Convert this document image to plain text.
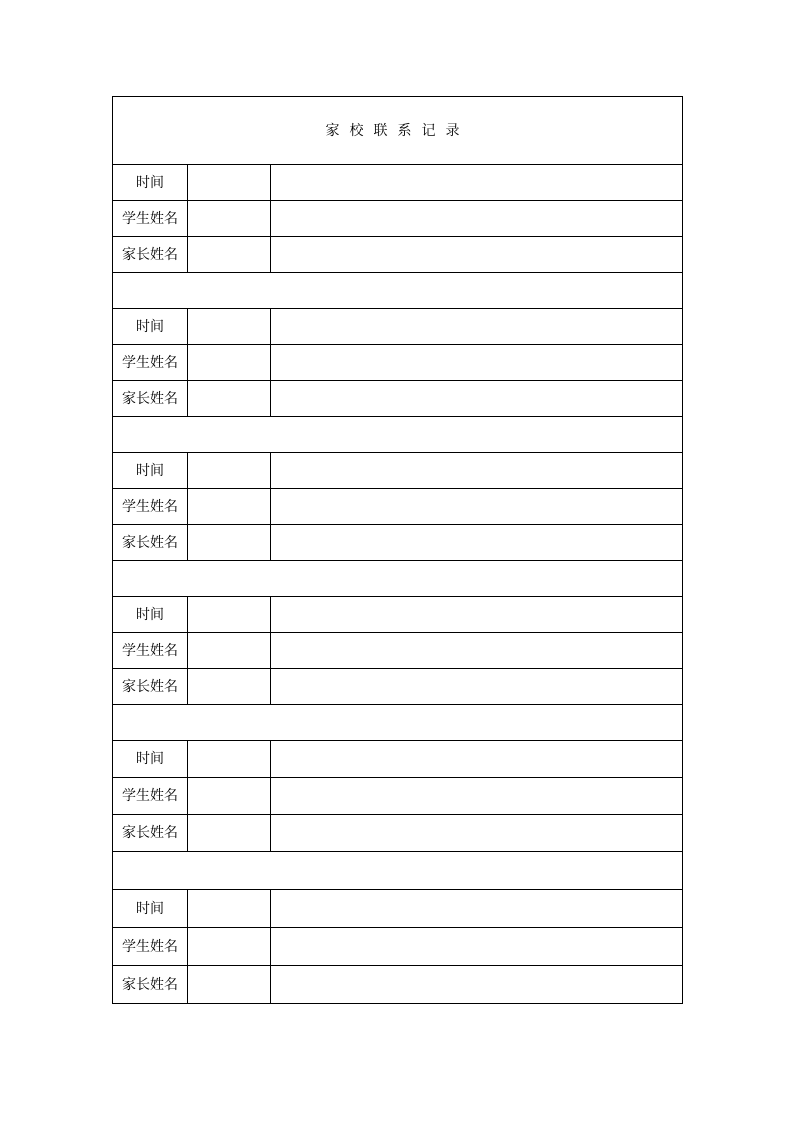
家校联系记录		
时间		
学生姓名		
家长姓名		

时间		
学生姓名		
家长姓名		

时间		
学生姓名		
家长姓名		

时间		
学生姓名		
家长姓名		

时间		
学生姓名		
家长姓名		

时间		
学生姓名		
家长姓名		
